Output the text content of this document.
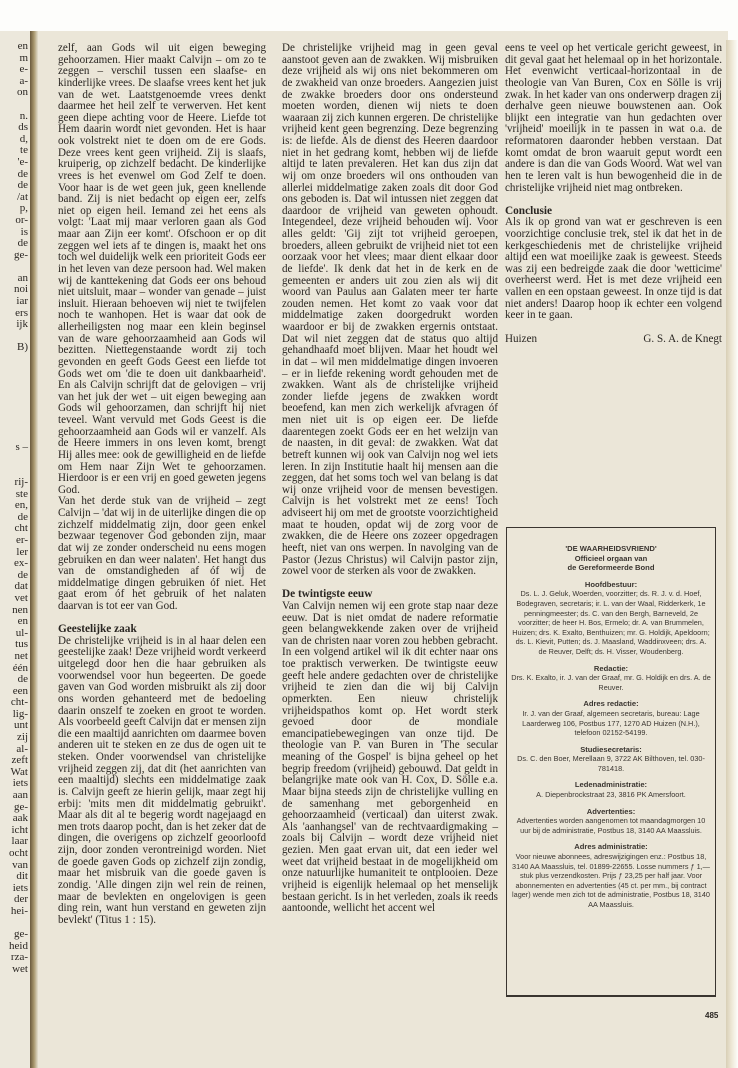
en
m
e-
a-
on

n.
ds
d,
te
'e-
de
de
/at
p,
or-
is
de
ge-

an
noi
iar
ers
ijk

B)
s –
rij-
ste
en,
de
cht
er-
ler
ex-
de
dat
vet
nen
en
ul-
tus
net
één
de
een
cht-
lig-
unt
zij
al-
zeft
Wat
iets
aan
ge-
aak
icht
laar
ocht
van
dit
iets
der
hei-

ge-
heid
rza-
wet

zelf, aan Gods wil uit eigen beweging gehoorzamen. Hier maakt Calvijn – om zo te zeggen – verschil tussen een slaafse- en kinderlijke vrees. De slaafse vrees kent het juk van de wet. Laatstgenoemde vrees denkt daarmee het heil zelf te verwerven. Het kent geen diepe achting voor de Heere. Liefde tot Hem daarin wordt niet gevonden. Het is haar ook volstrekt niet te doen om de ere Gods. Deze vrees kent geen vrijheid. Zij is slaafs, kruiperig, op zichzelf bedacht. De kinderlijke vrees is het evenwel om God Zelf te doen. Voor haar is de wet geen juk, geen knellende band. Zij is niet bedacht op eigen eer, zelfs niet op eigen heil. Iemand zei het eens als volgt: 'Laat mij maar verloren gaan als God maar aan Zijn eer komt'. Ofschoon er op dit zeggen wel iets af te dingen is, maakt het ons toch wel duidelijk welk een prioriteit Gods eer in het leven van deze persoon had. Wel maken wij de kanttekening dat Gods eer ons behoud niet uitsluit, maar – wonder van genade – juist insluit. Hieraan behoeven wij niet te twijfelen noch te wanhopen. Het is waar dat ook de allerheiligsten nog maar een klein beginsel van de ware gehoorzaamheid aan Gods wil bezitten. Niettegenstaande wordt zij toch gevonden en geeft Gods Geest een liefde tot Gods wet om 'die te doen uit dankbaarheid'. En als Calvijn schrijft dat de gelovigen – vrij van het juk der wet – uit eigen beweging aan Gods wil gehoorzamen, dan schrijft hij niet teveel. Want vervuld met Gods Geest is die gehoorzaamheid aan Gods wil er vanzelf. Als de Heere immers in ons leven komt, brengt Hij alles mee: ook de gewilligheid en de liefde om Hem naar Zijn Wet te gehoorzamen. Hierdoor is er een vrij en goed geweten jegens God.

Van het derde stuk van de vrijheid – zegt Calvijn – 'dat wij in de uiterlijke dingen die op zichzelf middelmatig zijn, door geen enkel bezwaar tegenover God gebonden zijn, maar dat wij ze zonder onderscheid nu eens mogen gebruiken en dan weer nalaten'. Het hangt dus van de omstandigheden af óf wij de middelmatige dingen gebruiken óf niet. Het gaat erom óf het gebruik of het nalaten daarvan is tot eer van God.

Geestelijke zaak

De christelijke vrijheid is in al haar delen een geestelijke zaak! Deze vrijheid wordt verkeerd uitgelegd door hen die haar gebruiken als voorwendsel voor hun begeerten. De goede gaven van God worden misbruikt als zij door ons worden gehanteerd met de bedoeling daarin onszelf te zoeken en groot te worden. Als voorbeeld geeft Calvijn dat er mensen zijn die een maaltijd aanrichten om daarmee boven anderen uit te steken en ze dus de ogen uit te steken. Onder voorwendsel van christelijke vrijheid zeggen zij, dat dit (het aanrichten van een maaltijd) slechts een middelmatige zaak is. Calvijn geeft ze hierin gelijk, maar zegt hij erbij: 'mits men dit middelmatig gebruikt'. Maar als dit al te begerig wordt nagejaagd en men trots daarop pocht, dan is het zeker dat de dingen, die overigens op zichzelf geoorloofd zijn, door zonden verontreinigd worden. Niet de goede gaven Gods op zichzelf zijn zondig, maar het misbruik van die goede gaven is zondig. 'Alle dingen zijn wel rein de reinen, maar de bevlekten en ongelovigen is geen ding rein, want hun verstand en geweten zijn bevlekt' (Titus 1 : 15).

De christelijke vrijheid mag in geen geval aanstoot geven aan de zwakken. Wij misbruiken deze vrijheid als wij ons niet bekommeren om de zwakheid van onze broeders. Aangezien juist de zwakke broeders door ons ondersteund moeten worden, dienen wij niets te doen waaraan zij zich kunnen ergeren. De christelijke vrijheid kent geen begrenzing. Deze begrenzing is: de liefde. Als de dienst des Heeren daardoor niet in het gedrang komt, hebben wij de liefde altijd te laten prevaleren. Het kan dus zijn dat wij om onze broeders wil ons onthouden van allerlei middelmatige zaken zoals dit door God ons geboden is. Dat wil intussen niet zeggen dat daardoor de vrijheid van geweten ophoudt. Integendeel, deze vrijheid behouden wij. Voor alles geldt: 'Gij zijt tot vrijheid geroepen, broeders, alleen gebruikt de vrijheid niet tot een oorzaak voor het vlees; maar dient elkaar door de liefde'. Ik denk dat het in de kerk en de gemeenten er anders uit zou zien als wij dit woord van Paulus aan Galaten meer ter harte zouden nemen. Het komt zo vaak voor dat middelmatige zaken doorgedrukt worden waardoor er bij de zwakken ergernis ontstaat. Dat wil niet zeggen dat de status quo altijd gehandhaafd moet blijven. Maar het houdt wel in dat – wil men middelmatige dingen invoeren – er in liefde rekening wordt gehouden met de zwakken. Want als de christelijke vrijheid zonder liefde jegens de zwakken wordt beoefend, kan men zich werkelijk afvragen óf men niet uit is op eigen eer. De liefde daarentegen zoekt Gods eer en het welzijn van de naasten, in dit geval: de zwakken. Wat dat betreft kunnen wij ook van Calvijn nog wel iets leren. In zijn Institutie haalt hij mensen aan die zeggen, dat het soms toch wel van belang is dat wij onze vrijheid voor de mensen bevestigen. Calvijn is het volstrekt met ze eens! Toch adviseert hij om met de grootste voorzichtigheid maat te houden, opdat wij de zorg voor de zwakken, die de Heere ons zozeer opgedragen heeft, niet van ons werpen. In navolging van de Pastor (Jezus Christus) wil Calvijn pastor zijn, zowel voor de sterken als voor de zwakken.

De twintigste eeuw

Van Calvijn nemen wij een grote stap naar deze eeuw. Dat is niet omdat de nadere reformatie geen belangwekkende zaken over de vrijheid van de christen naar voren zou hebben gebracht. In een volgend artikel wil ik dit echter naar ons toe praktisch verwerken. De twintigste eeuw geeft hele andere gedachten over de christelijke vrijheid te zien dan die wij bij Calvijn opmerkten. Een nieuw christelijk vrijheidspathos komt op. Het wordt sterk gevoed door de mondiale emancipatiebewegingen van onze tijd. De theologie van P. van Buren in 'The secular meaning of the Gospel' is bijna geheel op het begrip freedom (vrijheid) gebouwd. Dat geldt in belangrijke mate ook van H. Cox, D. Sölle e.a. Maar bijna steeds zijn de christelijke vulling en de samenhang met geborgenheid en gehoorzaamheid (verticaal) dan uiterst zwak. Als 'aanhangsel' van de rechtvaardigmaking – zoals bij Calvijn – wordt deze vrijheid niet gezien. Men gaat ervan uit, dat een ieder wel weet dat vrijheid bestaat in de mogelijkheid om onze natuurlijke humaniteit te ontplooien. Deze vrijheid is eigenlijk helemaal op het menselijk bestaan gericht. Is in het verleden, zoals ik reeds aantoonde, wellicht het accent wel

eens te veel op het verticale gericht geweest, in dit geval gaat het helemaal op in het horizontale. Het evenwicht verticaal-horizontaal in de theologie van Van Buren, Cox en Sölle is vrij zwak. In het kader van ons onderwerp dragen zij derhalve geen nieuwe bouwstenen aan. Ook blijkt een integratie van hun gedachten over 'vrijheid' moeilijk in te passen in wat o.a. de reformatoren daaronder hebben verstaan. Dat komt omdat de bron waaruit geput wordt een andere is dan die van Gods Woord. Wat wel van hen te leren valt is hun bewogenheid die in de christelijke vrijheid niet mag ontbreken.

Conclusie

Als ik op grond van wat er geschreven is een voorzichtige conclusie trek, stel ik dat het in de kerkgeschiedenis met de christelijke vrijheid altijd een wat moeilijke zaak is geweest. Steeds was zij een bedreigde zaak die door 'wetticime' overheerst werd. Het is met deze vrijheid een vallen en een opstaan geweest. In onze tijd is dat niet anders! Daarop hoop ik echter een volgend keer in te gaan.

Huizen	G. S. A. de Knegt
'DE WAARHEIDSVRIEND'
Officieel orgaan van
de Gereformeerde Bond
Hoofdbestuur:
Ds. L. J. Geluk, Woerden, voorzitter; ds. R. J. v. d. Hoef, Bodegraven, secretaris; ir. L. van der Waal, Ridderkerk, 1e penningmeester; ds. C. van den Bergh, Barneveld, 2e voorzitter; de heer H. Bos, Ermelo; dr. A. van Brummelen, Huizen; drs. K. Exalto, Benthuizen; mr. G. Holdijk, Apeldoorn; ds. L. Kievit, Putten; ds. J. Maasland, Waddinxveen; drs. A. de Reuver, Delft; ds. H. Visser, Woudenberg.
Redactie:
Drs. K. Exalto, ir. J. van der Graaf, mr. G. Holdijk en drs. A. de Reuver.
Adres redactie:
Ir. J. van der Graaf, algemeen secretaris, bureau: Lage Laarderweg 106, Postbus 177, 1270 AD Huizen (N.H.), telefoon 02152-54199.
Studiesecretaris:
Ds. C. den Boer, Merellaan 9, 3722 AK Bilthoven, tel. 030-781418.
Ledenadministratie:
A. Diepenbrockstraat 23, 3816 PK Amersfoort.
Advertenties:
Advertenties worden aangenomen tot maandagmorgen 10 uur bij de administratie, Postbus 18, 3140 AA Maassluis.
Adres administratie:
Voor nieuwe abonnees, adreswijzigingen enz.: Postbus 18, 3140 AA Maassluis, tel. 01899-22655. Losse nummers ƒ 1,— stuk plus verzendkosten. Prijs ƒ 23,25 per half jaar. Voor abonnementen en advertenties (45 ct. per mm., bij contract lager) wende men zich tot de administratie, Postbus 18, 3140 AA Maassluis.
485
